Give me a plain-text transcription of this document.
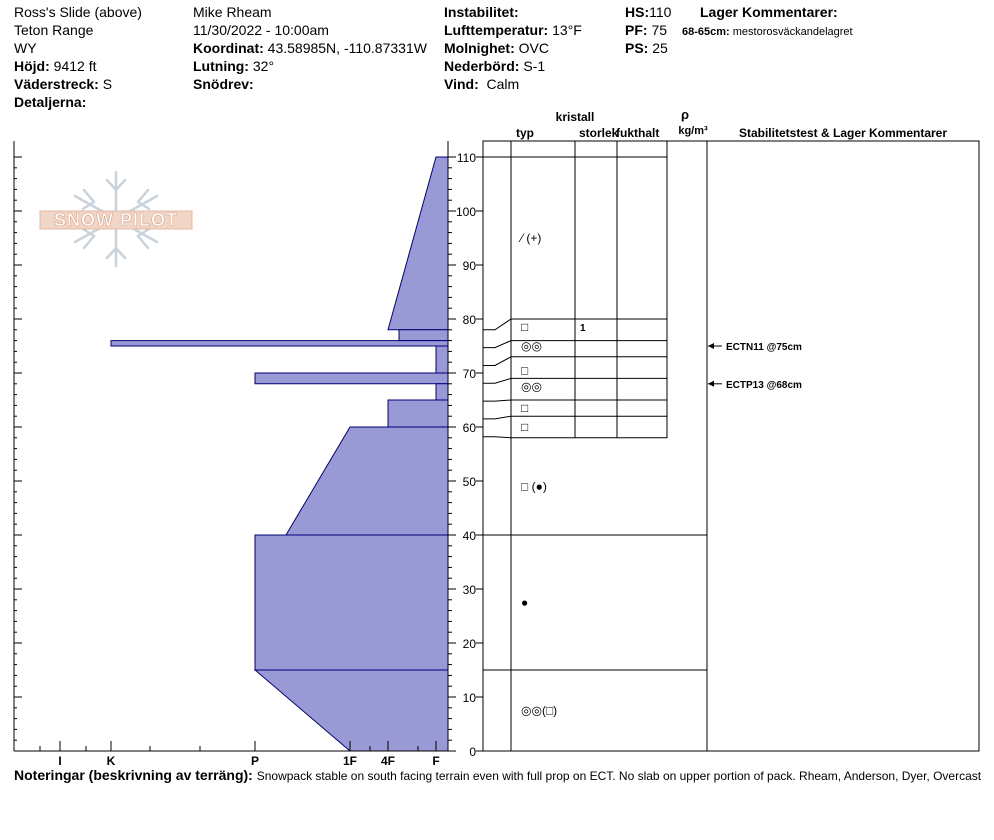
Ross's Slide (above)
Teton Range
WY
Höjd: 9412 ft
Väderstreck: S
Detaljerna:
Mike Rheam
11/30/2022 - 10:00am
Koordinat: 43.58985N, -110.87331W
Lutning: 32°
Snödrev:
Instabilitet:
Lufttemperatur: 13°F
Molnighet: OVC
Nederbörd: S-1
Vind: Calm
HS:110
PF: 75
PS: 25
Lager Kommentarer:
68-65cm: mestorosväckandelagret
SNOW PILOT
0
10
20
30
40
50
60
70
80
90
100
110
I	K	P	1F 4F	F
kristall
typ	storlek
fukthalt
ρ
kg/m³	Stabilitetstest & Lager Kommentarer
⁄ (+)
□	1
◎◎
□
◎◎
□
□
□ (●)
●
◎◎(□)
ECTN11 @75cm
ECTP13 @68cm
Noteringar (beskrivning av terräng): Snowpack stable on south facing terrain even with full prop on ECT. No slab on upper portion of pack. Rheam, Anderson, Dyer, Overcast
